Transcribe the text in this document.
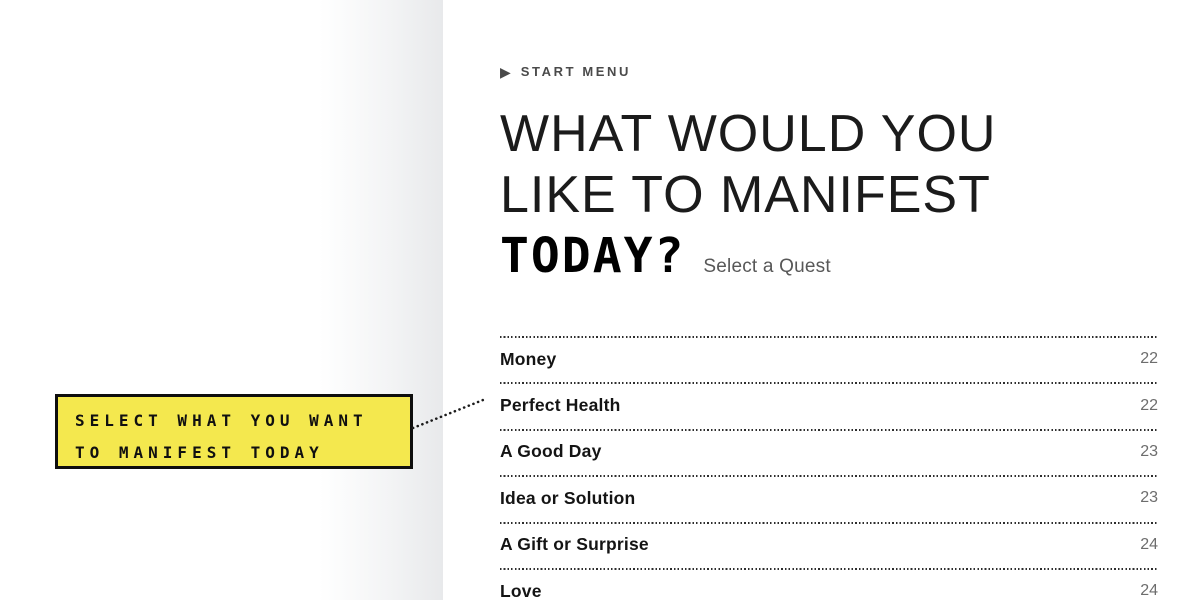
▶ START MENU
WHAT WOULD YOU
LIKE TO MANIFEST
TODAY? Select a Quest
Money	22
Perfect Health	22
A Good Day	23
Idea or Solution	23
A Gift or Surprise	24
Love	24
SELECT WHAT YOU WANT
TO MANIFEST TODAY
